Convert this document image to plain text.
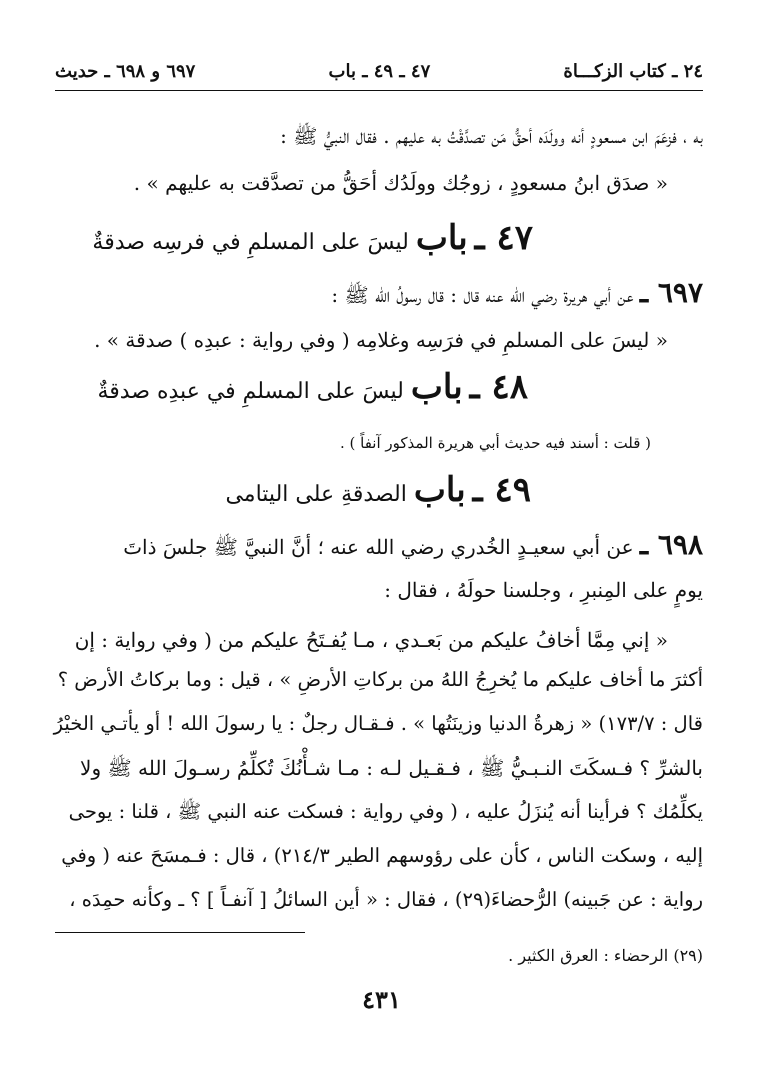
٢٤ ـ كتاب الزكـــاة
٤٧ ـ ٤٩ ـ باب
٦٩٧ و ٦٩٨ ـ حديث
به ، فزعَمَ ابن مسعودٍ أنه وولَدَه أحقُّ مَن تصدَّقْتُ به عليهم . فقال النبيُّ ﷺ :
« صدَق ابنُ مسعودٍ ، زوجُك وولَدُك أحَقُّ من تصدَّقت به عليهم » .
٤٧ ـ باب ليسَ على المسلمِ في فرسِه صدقةٌ
٦٩٧ ـ عن أبي هريرة رضي الله عنه قال : قال رسولُ الله ﷺ :
« ليسَ على المسلمِ في فرَسِه وغلامِه ( وفي رواية : عبدِه ) صدقة » .
٤٨ ـ باب ليسَ على المسلمِ في عبدِه صدقةٌ
( قلت : أسند فيه حديث أبي هريرة المذكور آنفاً ) .
٤٩ ـ باب الصدقةِ على اليتامى
٦٩٨ ـ عن أبي سعيـدٍ الخُدري رضي الله عنه ؛ أنَّ النبيَّ ﷺ جلسَ ذاتَ
يومٍ على المِنبرِ ، وجلسنا حولَهُ ، فقال :
« إني مِمَّا أخافُ عليكم من بَعـدي ، مـا يُفـتَحُ عليكم من ( وفي رواية : إن
أكثرَ ما أخاف عليكم ما يُخرِجُ اللهُ من بركاتِ الأرضِ » ، قيل : وما بركاتُ الأرض ؟
قال : ١٧٣/٧) « زهرةُ الدنيا وزينَتُها » . فـقـال رجلٌ : يا رسولَ الله ! أو يأتـي الخيْرُ
بالشرِّ ؟ فـسكَتَ النـبـيُّ ﷺ ، فـقـيل لـه : مـا شـأْنُكَ تُكلِّمُ رسـولَ الله ﷺ ولا
يكلِّمُك ؟ فرأينا أنه يُنزَلُ عليه ، ( وفي رواية : فسكت عنه النبي ﷺ ، قلنا : يوحى
إليه ، وسكت الناس ، كأن على رؤوسهم الطير ٢١٤/٣) ، قال : فـمسَحَ عنه ( وفي
رواية : عن جَبينه) الرُّحضاءَ(٢٩) ، فقال : « أين السائلُ [ آنفـاً ] ؟ ـ وكأنه حمِدَه ،
(٢٩) الرحضاء : العرق الكثير .
٤٣١
